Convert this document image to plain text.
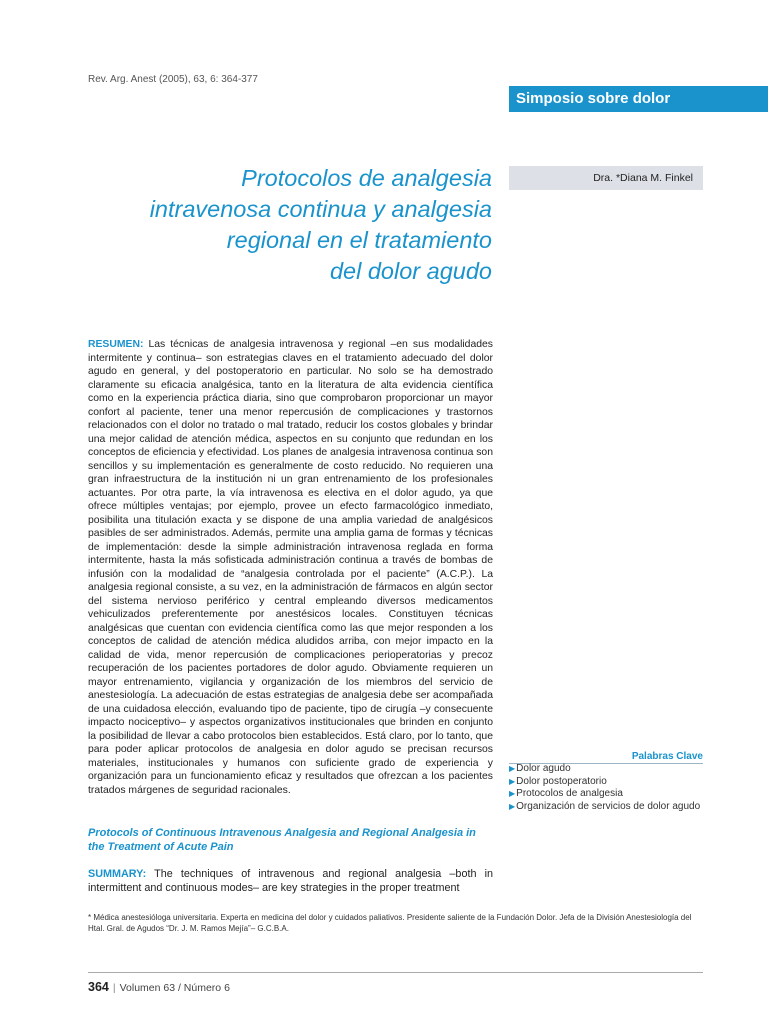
Rev. Arg. Anest (2005), 63, 6: 364-377
Simposio sobre dolor
Dra. *Diana M. Finkel
Protocolos de analgesia
intravenosa continua y analgesia
regional en el tratamiento
del dolor agudo

RESUMEN: Las técnicas de analgesia intravenosa y regional –en sus modalidades intermitente y continua– son estrategias claves en el tratamiento adecuado del dolor agudo en general, y del postoperatorio en particular. No solo se ha demostrado claramente su eficacia analgésica, tanto en la literatura de alta evidencia científica como en la experiencia práctica diaria, sino que comprobaron proporcionar un mayor confort al paciente, tener una menor repercusión de complicaciones y trastornos relacionados con el dolor no tratado o mal tratado, reducir los costos globales y brindar una mejor calidad de atención médica, aspectos en su conjunto que redundan en los conceptos de eficiencia y efectividad. Los planes de analgesia intravenosa continua son sencillos y su implementación es generalmente de costo reducido. No requieren una gran infraestructura de la institución ni un gran entrenamiento de los profesionales actuantes. Por otra parte, la vía intravenosa es electiva en el dolor agudo, ya que ofrece múltiples ventajas; por ejemplo, provee un efecto farmacológico inmediato, posibilita una titulación exacta y se dispone de una amplia variedad de analgésicos pasibles de ser administrados. Además, permite una amplia gama de formas y técnicas de implementación: desde la simple administración intravenosa reglada en forma intermitente, hasta la más sofisticada administración continua a través de bombas de infusión con la modalidad de “analgesia controlada por el paciente” (A.C.P.). La analgesia regional consiste, a su vez, en la administración de fármacos en algún sector del sistema nervioso periférico y central empleando diversos medicamentos vehiculizados preferentemente por anestésicos locales. Constituyen técnicas analgésicas que cuentan con evidencia científica como las que mejor responden a los conceptos de calidad de atención médica aludidos arriba, con mejor impacto en la calidad de vida, menor repercusión de complicaciones perioperatorias y precoz recuperación de los pacientes portadores de dolor agudo. Obviamente requieren un mayor entrenamiento, vigilancia y organización de los miembros del servicio de anestesiología. La adecuación de estas estrategias de analgesia debe ser acompañada de una cuidadosa elección, evaluando tipo de paciente, tipo de cirugía –y consecuente impacto nociceptivo– y aspectos organizativos institucionales que brinden en conjunto la posibilidad de llevar a cabo protocolos bien establecidos. Está claro, por lo tanto, que para poder aplicar protocolos de analgesia en dolor agudo se precisan recursos materiales, institucionales y humanos con suficiente grado de experiencia y organización para un funcionamiento eficaz y resultados que ofrezcan a los pacientes tratados márgenes de seguridad racionales.

Palabras Clave
▶Dolor agudo
▶Dolor postoperatorio
▶Protocolos de analgesia
▶Organización de servicios de dolor agudo

Protocols of Continuous Intravenous Analgesia and Regional Analgesia in the Treatment of Acute Pain

SUMMARY: The techniques of intravenous and regional analgesia –both in intermittent and continuous modes– are key strategies in the proper treatment

* Médica anestesióloga universitaria. Experta en medicina del dolor y cuidados paliativos. Presidente saliente de la Fundación Dolor. Jefa de la División Anestesiología del Htal. Gral. de Agudos “Dr. J. M. Ramos Mejía”– G.C.B.A.

364 | Volumen 63 / Número 6
